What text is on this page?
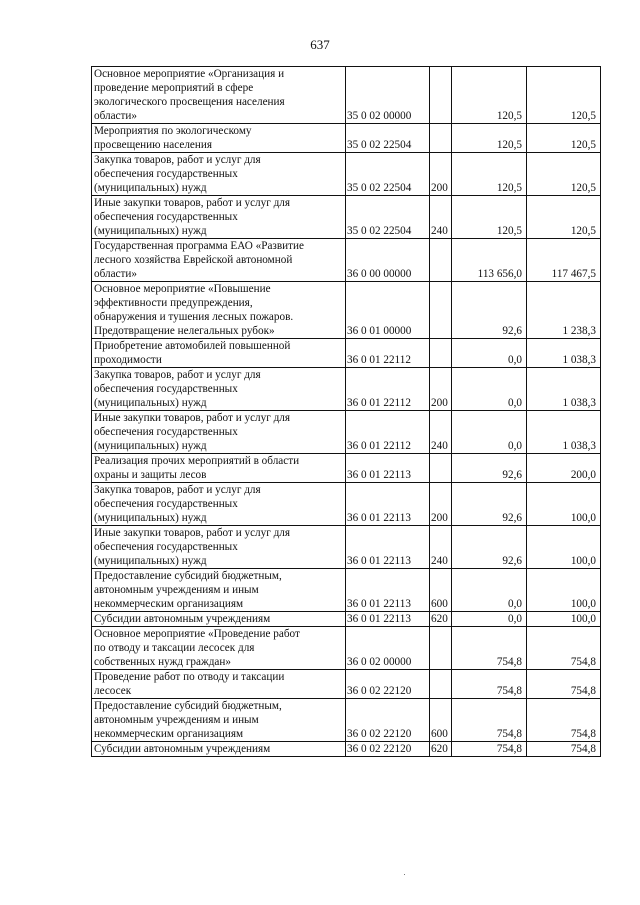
637
Основное мероприятие «Организация и
проведение мероприятий в сфере
экологического просвещения населения
области»	35 0 02 00000		120,5	120,5
Мероприятия по экологическому
просвещению населения	35 0 02 22504		120,5	120,5
Закупка товаров, работ и услуг для
обеспечения государственных
(муниципальных) нужд	35 0 02 22504	200	120,5	120,5
Иные закупки товаров, работ и услуг для
обеспечения государственных
(муниципальных) нужд	35 0 02 22504	240	120,5	120,5
Государственная программа ЕАО «Развитие
лесного хозяйства Еврейской автономной
области»	36 0 00 00000		113 656,0	117 467,5
Основное мероприятие «Повышение
эффективности предупреждения,
обнаружения и тушения лесных пожаров.
Предотвращение нелегальных рубок»	36 0 01 00000		92,6	1 238,3
Приобретение автомобилей повышенной
проходимости	36 0 01 22112		0,0	1 038,3
Закупка товаров, работ и услуг для
обеспечения государственных
(муниципальных) нужд	36 0 01 22112	200	0,0	1 038,3
Иные закупки товаров, работ и услуг для
обеспечения государственных
(муниципальных) нужд	36 0 01 22112	240	0,0	1 038,3
Реализация прочих мероприятий в области
охраны и защиты лесов	36 0 01 22113		92,6	200,0
Закупка товаров, работ и услуг для
обеспечения государственных
(муниципальных) нужд	36 0 01 22113	200	92,6	100,0
Иные закупки товаров, работ и услуг для
обеспечения государственных
(муниципальных) нужд	36 0 01 22113	240	92,6	100,0
Предоставление субсидий бюджетным,
автономным учреждениям и иным
некоммерческим организациям	36 0 01 22113	600	0,0	100,0
Субсидии автономным учреждениям	36 0 01 22113	620	0,0	100,0
Основное мероприятие «Проведение работ
по отводу и таксации лесосек для
собственных нужд граждан»	36 0 02 00000		754,8	754,8
Проведение работ по отводу и таксации
лесосек	36 0 02 22120		754,8	754,8
Предоставление субсидий бюджетным,
автономным учреждениям и иным
некоммерческим организациям	36 0 02 22120	600	754,8	754,8
Субсидии автономным учреждениям	36 0 02 22120	620	754,8	754,8
